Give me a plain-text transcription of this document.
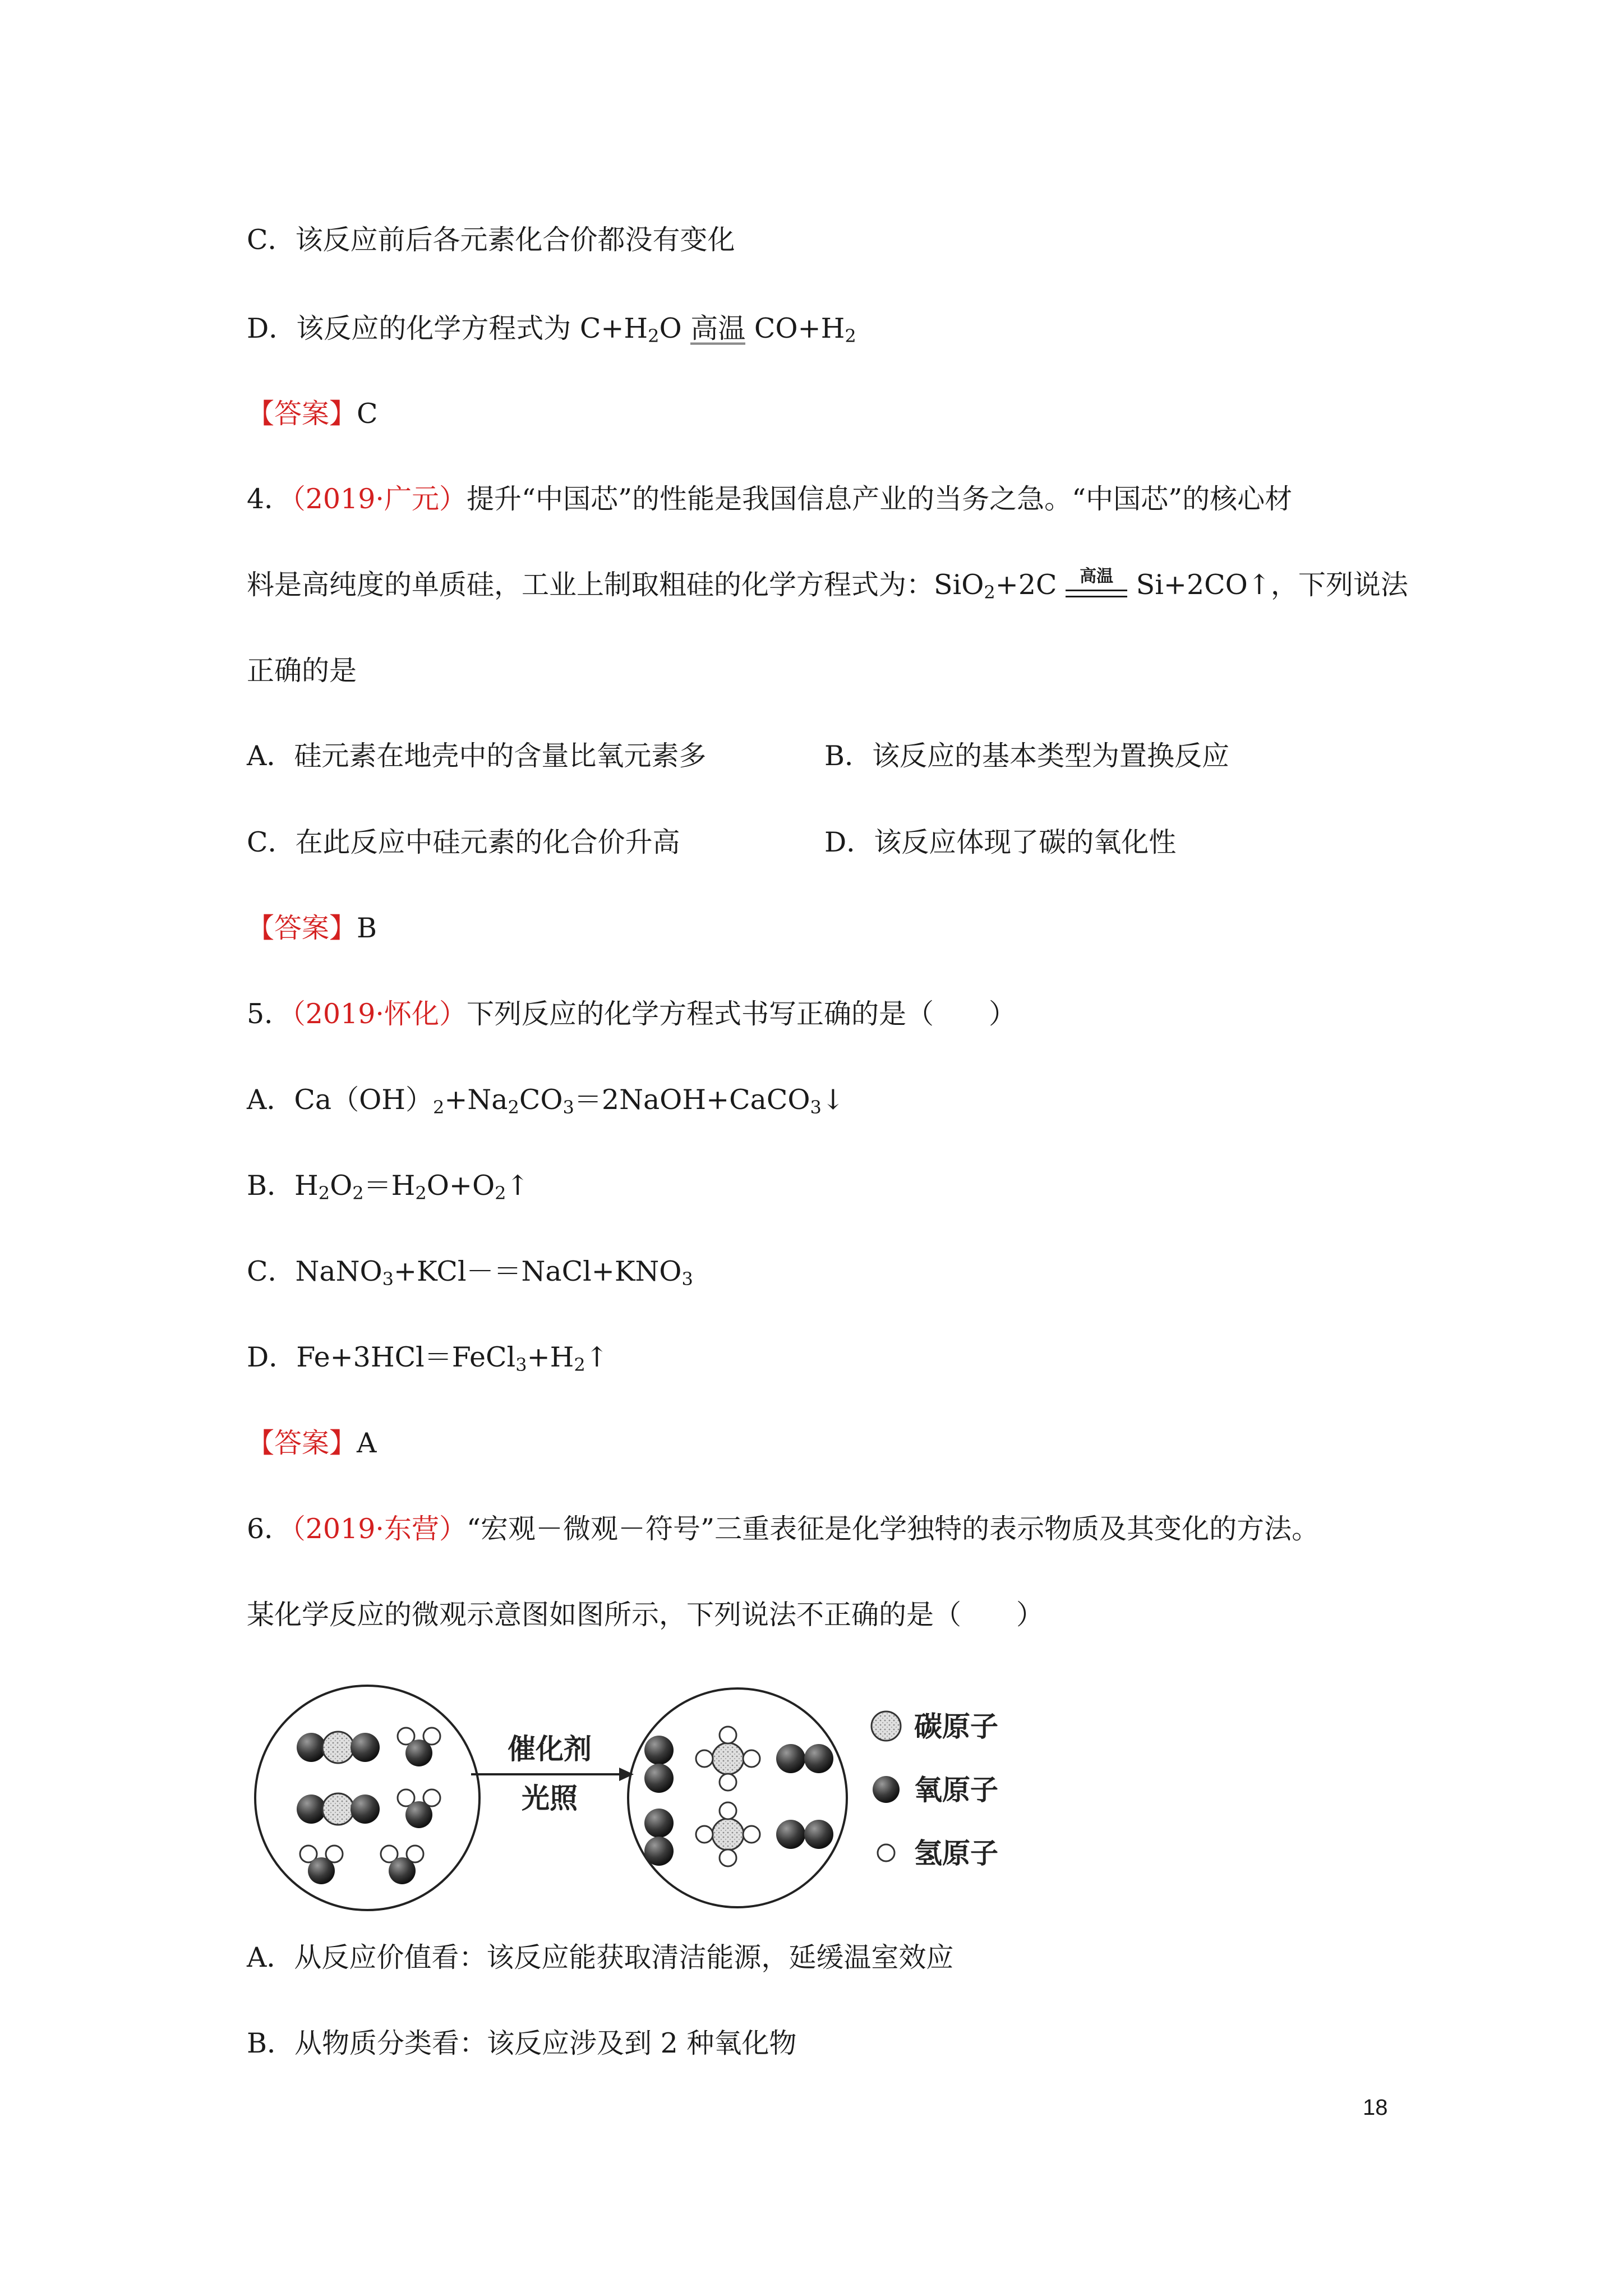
C．该反应前后各元素化合价都没有变化
D．该反应的化学方程式为 $C+H_2O$ 高温 $CO+H_2$
【答案】C
4．（2019·广元）提升“中国芯”的性能是我国信息产业的当务之急。“中国芯”的核心材
料是高纯度的单质硅，工业上制取粗硅的化学方程式为：SiO$_2$+2C 高温 Si+2CO↑，下列说法
正确的是
A．硅元素在地壳中的含量比氧元素多	B．该反应的基本类型为置换反应
C．在此反应中硅元素的化合价升高	D．该反应体现了碳的氧化性
【答案】B
5．（2019·怀化）下列反应的化学方程式书写正确的是（　　）
A．$Ca(OH)_2+Na_2CO_3=2NaOH+CaCO_3↓$
B．$H_2O_2=H_2O+O_2↑$
C．$NaNO_3+KCl-=NaCl+KNO_3$
D．$Fe+3HCl=FeCl_3+H_2↑$
【答案】A
6．（2019·东营）“宏观－微观－符号”三重表征是化学独特的表示物质及其变化的方法。
某化学反应的微观示意图如图所示，下列说法不正确的是（　　）
催化剂
光照
碳原子
氧原子
氢原子
A．从反应价值看：该反应能获取清洁能源，延缓温室效应
B．从物质分类看：该反应涉及到 2 种氧化物
18
